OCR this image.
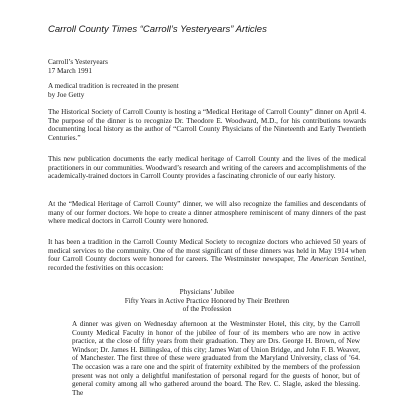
Carroll County Times “Carroll’s Yesteryears” Articles
Carroll’s Yesteryears
17 March 1991
A medical tradition is recreated in the present
by Joe Getty

The Historical Society of Carroll County is hosting a “Medical Heritage of Carroll County” dinner on April 4. The purpose of the dinner is to recognize Dr. Theodore E. Woodward, M.D., for his contributions towards documenting local history as the author of “Carroll County Physicians of the Nineteenth and Early Twentieth Centuries.”

This new publication documents the early medical heritage of Carroll County and the lives of the medical practitioners in our communities. Woodward’s research and writing of the careers and accomplishments of the academically-trained doctors in Carroll County provides a fascinating chronicle of our early history.

At the “Medical Heritage of Carroll County” dinner, we will also recognize the families and descendants of many of our former doctors. We hope to create a dinner atmosphere reminiscent of many dinners of the past where medical doctors in Carroll County were honored.

It has been a tradition in the Carroll County Medical Society to recognize doctors who achieved 50 years of medical services to the community. One of the most significant of these dinners was held in May 1914 when four Carroll County doctors were honored for careers. The Westminster newspaper, The American Sentinel, recorded the festivities on this occasion:

Physicians’ Jubilee
Fifty Years in Active Practice Honored by Their Brethren
of the Profession

A dinner was given on Wednesday afternoon at the Westminster Hotel, this city, by the Carroll County Medical Faculty in honor of the jubilee of four of its members who are now in active practice, at the close of fifty years from their graduation. They are Drs. George H. Brown, of New Windsor; Dr. James H. Billingslea, of this city; James Watt of Union Bridge, and John F. B. Weaver, of Manchester. The first three of these were graduated from the Maryland University, class of ’64. The occasion was a rare one and the spirit of fraternity exhibited by the members of the profession present was not only a delightful manifestation of personal regard for the guests of honor, but of general comity among all who gathered around the board. The Rev. C. Slagle, asked the blessing. The
